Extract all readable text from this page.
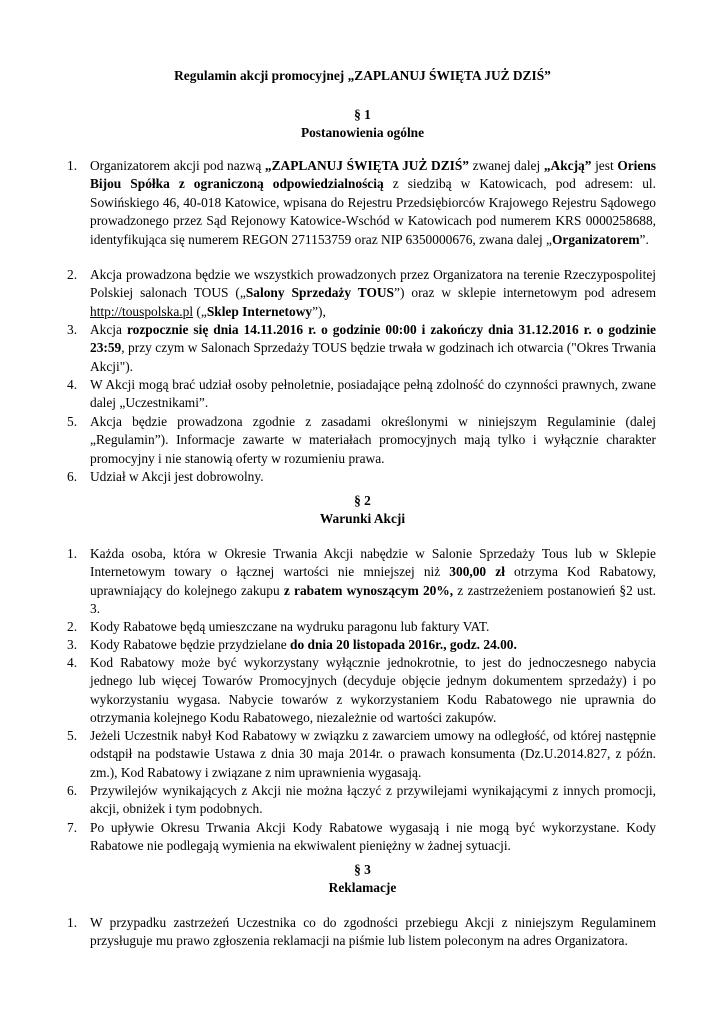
Regulamin akcji promocyjnej „ZAPLANUJ ŚWIĘTA JUŻ DZIŚ”
§ 1
Postanowienia ogólne
1. Organizatorem akcji pod nazwą „ZAPLANUJ ŚWIĘTA JUŻ DZIŚ” zwanej dalej „Akcją” jest Oriens Bijou Spółka z ograniczoną odpowiedzialnością z siedzibą w Katowicach, pod adresem: ul. Sowińskiego 46, 40-018 Katowice, wpisana do Rejestru Przedsiębiorców Krajowego Rejestru Sądowego prowadzonego przez Sąd Rejonowy Katowice-Wschód w Katowicach pod numerem KRS 0000258688, identyfikująca się numerem REGON 271153759 oraz NIP 6350000676, zwana dalej „Organizatorem”.
2. Akcja prowadzona będzie we wszystkich prowadzonych przez Organizatora na terenie Rzeczypospolitej Polskiej salonach TOUS („Salony Sprzedaży TOUS”) oraz w sklepie internetowym pod adresem http://touspolska.pl („Sklep Internetowy”),
3. Akcja rozpocznie się dnia 14.11.2016 r. o godzinie 00:00 i zakończy dnia 31.12.2016 r. o godzinie 23:59, przy czym w Salonach Sprzedaży TOUS będzie trwała w godzinach ich otwarcia ("Okres Trwania Akcji").
4. W Akcji mogą brać udział osoby pełnoletnie, posiadające pełną zdolność do czynności prawnych, zwane dalej „Uczestnikami”.
5. Akcja będzie prowadzona zgodnie z zasadami określonymi w niniejszym Regulaminie (dalej „Regulamin”). Informacje zawarte w materiałach promocyjnych mają tylko i wyłącznie charakter promocyjny i nie stanowią oferty w rozumieniu prawa.
6. Udział w Akcji jest dobrowolny.
§ 2
Warunki Akcji
1. Każda osoba, która w Okresie Trwania Akcji nabędzie w Salonie Sprzedaży Tous lub w Sklepie Internetowym towary o łącznej wartości nie mniejszej niż 300,00 zł otrzyma Kod Rabatowy, uprawniający do kolejnego zakupu z rabatem wynoszącym 20%, z zastrzeżeniem postanowień §2 ust. 3.
2. Kody Rabatowe będą umieszczane na wydruku paragonu lub faktury VAT.
3. Kody Rabatowe będzie przydzielane do dnia 20 listopada 2016r., godz. 24.00.
4. Kod Rabatowy może być wykorzystany wyłącznie jednokrotnie, to jest do jednoczesnego nabycia jednego lub więcej Towarów Promocyjnych (decyduje objęcie jednym dokumentem sprzedaży) i po wykorzystaniu wygasa. Nabycie towarów z wykorzystaniem Kodu Rabatowego nie uprawnia do otrzymania kolejnego Kodu Rabatowego, niezależnie od wartości zakupów.
5. Jeżeli Uczestnik nabył Kod Rabatowy w związku z zawarciem umowy na odległość, od której następnie odstąpił na podstawie Ustawa z dnia 30 maja 2014r. o prawach konsumenta (Dz.U.2014.827, z późn. zm.), Kod Rabatowy i związane z nim uprawnienia wygasają.
6. Przywilejów wynikających z Akcji nie można łączyć z przywilejami wynikającymi z innych promocji, akcji, obniżek i tym podobnych.
7. Po upływie Okresu Trwania Akcji Kody Rabatowe wygasają i nie mogą być wykorzystane. Kody Rabatowe nie podlegają wymienia na ekwiwalent pieniężny w żadnej sytuacji.
§ 3
Reklamacje
1. W przypadku zastrzeżeń Uczestnika co do zgodności przebiegu Akcji z niniejszym Regulaminem przysługuje mu prawo zgłoszenia reklamacji na piśmie lub listem poleconym na adres Organizatora.
